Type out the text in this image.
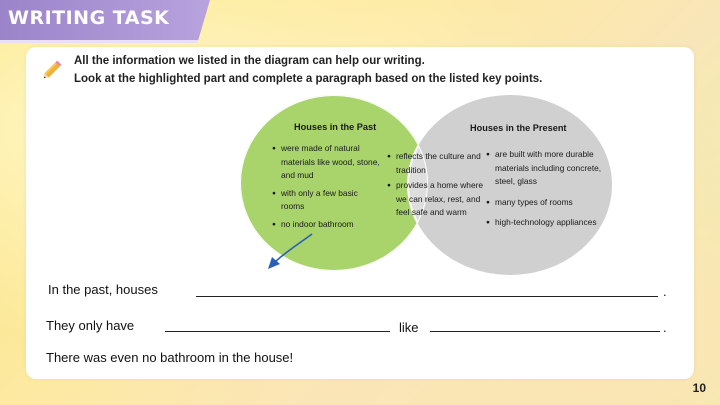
WRITING TASK
All the information we listed in the diagram can help our writing.
Look at the highlighted part and complete a paragraph based on the listed key points.
Houses in the Past	Houses in the Present
● were made of natural materials like wood, stone, and mud
● with only a few basic rooms
● no indoor bathroom
● reflects the culture and tradition
● provides a home where we can relax, rest, and feel safe and warm
● are built with more durable materials including concrete, steel, glass
● many types of rooms
● high-technology appliances
In the past, houses	.
They only have	like	.
There was even no bathroom in the house!
10
